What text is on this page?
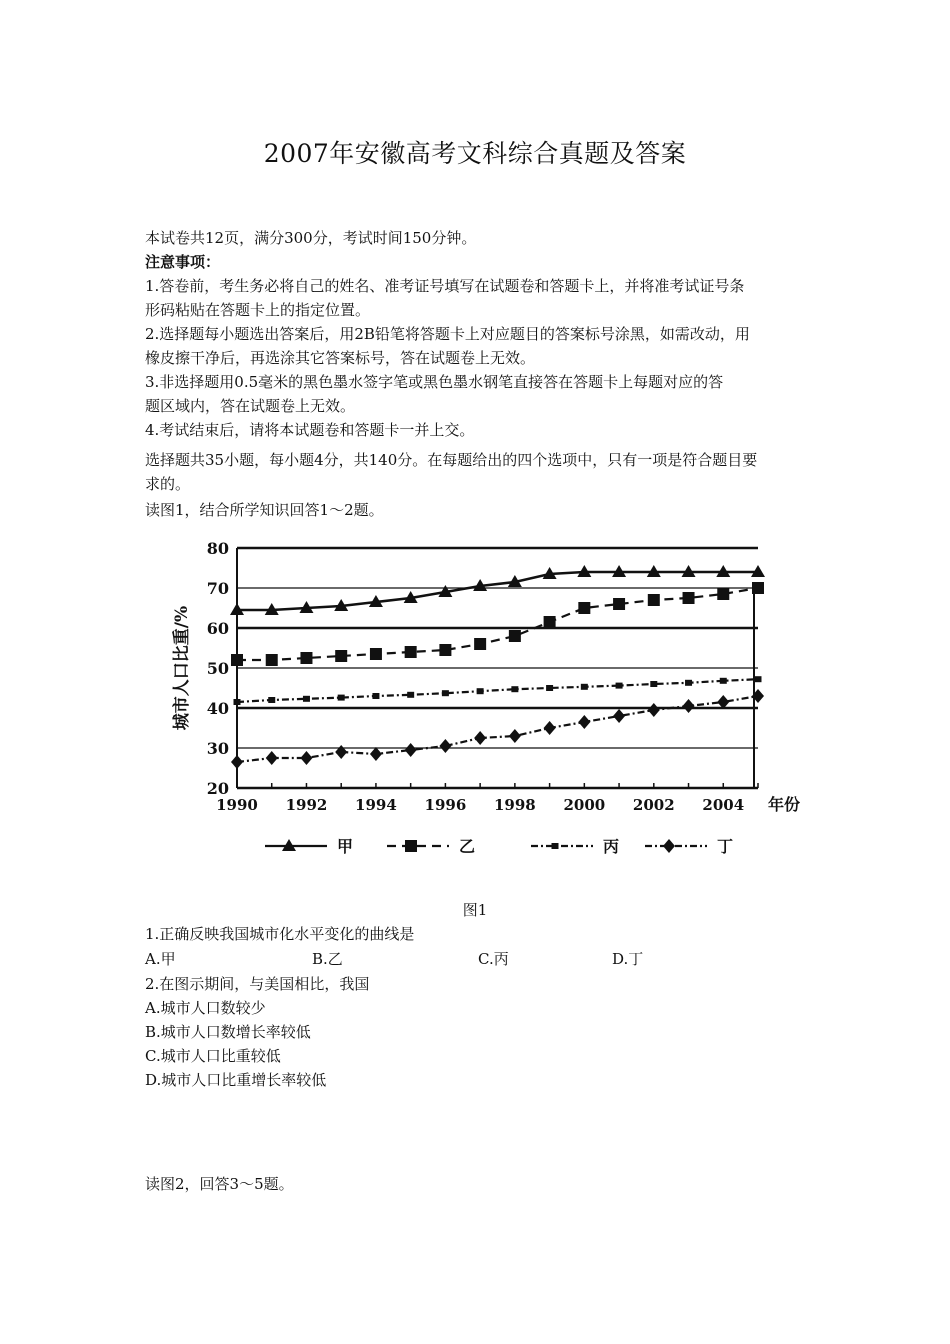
2007年安徽高考文科综合真题及答案
本试卷共12页，满分300分，考试时间150分钟。
注意事项：
1.答卷前，考生务必将自己的姓名、准考证号填写在试题卷和答题卡上，并将准考试证号条
形码粘贴在答题卡上的指定位置。
2.选择题每小题选出答案后，用2B铅笔将答题卡上对应题目的答案标号涂黑，如需改动，用
橡皮擦干净后，再选涂其它答案标号，答在试题卷上无效。
3.非选择题用0.5毫米的黑色墨水签字笔或黑色墨水钢笔直接答在答题卡上每题对应的答
题区域内，答在试题卷上无效。
4.考试结束后，请将本试题卷和答题卡一并上交。
选择题共35小题，每小题4分，共140分。在每题给出的四个选项中，只有一项是符合题目要
求的。
读图1，结合所学知识回答1～2题。
20
30
40
50
60
70
80
1990 1992 1994 1996 1998 2000 2002 2004 年份
城市人口比重/%
甲	乙	丙	丁
图1
1.正确反映我国城市化水平变化的曲线是
A.甲	B.乙	C.丙	D.丁
2.在图示期间，与美国相比，我国
A.城市人口数较少
B.城市人口数增长率较低
C.城市人口比重较低
D.城市人口比重增长率较低
读图2，回答3～5题。
